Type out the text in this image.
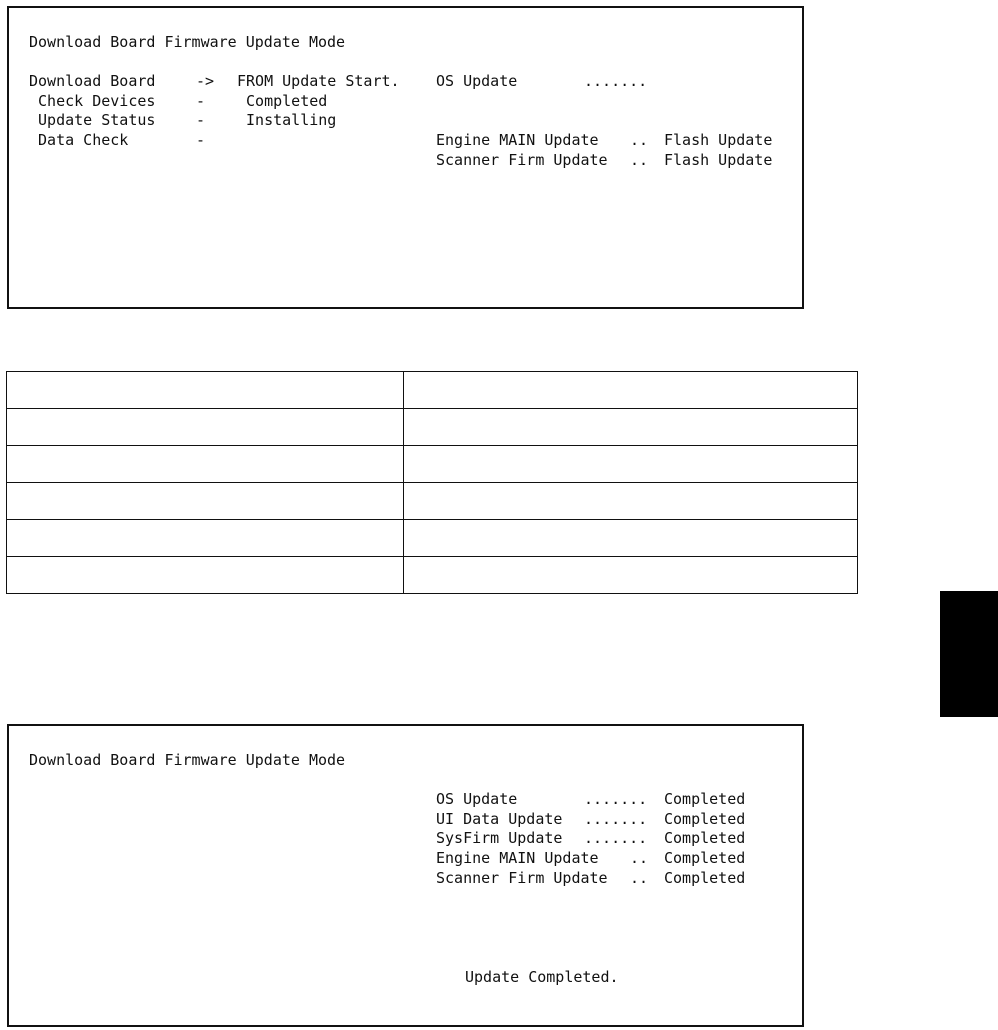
Download Board Firmware Update Mode
Download Board	-> FROM Update Start.
Check Devices	- Completed
Update Status	- Installing
Data Check	-
OS Update	.......
Engine MAIN Update .. Flash Update
Scanner Firm Update .. Flash Update

Download Board Firmware Update Mode
OS Update	....... Completed
UI Data Update ....... Completed
SysFirm Update ....... Completed
Engine MAIN Update .. Completed
Scanner Firm Update .. Completed
Update Completed.
